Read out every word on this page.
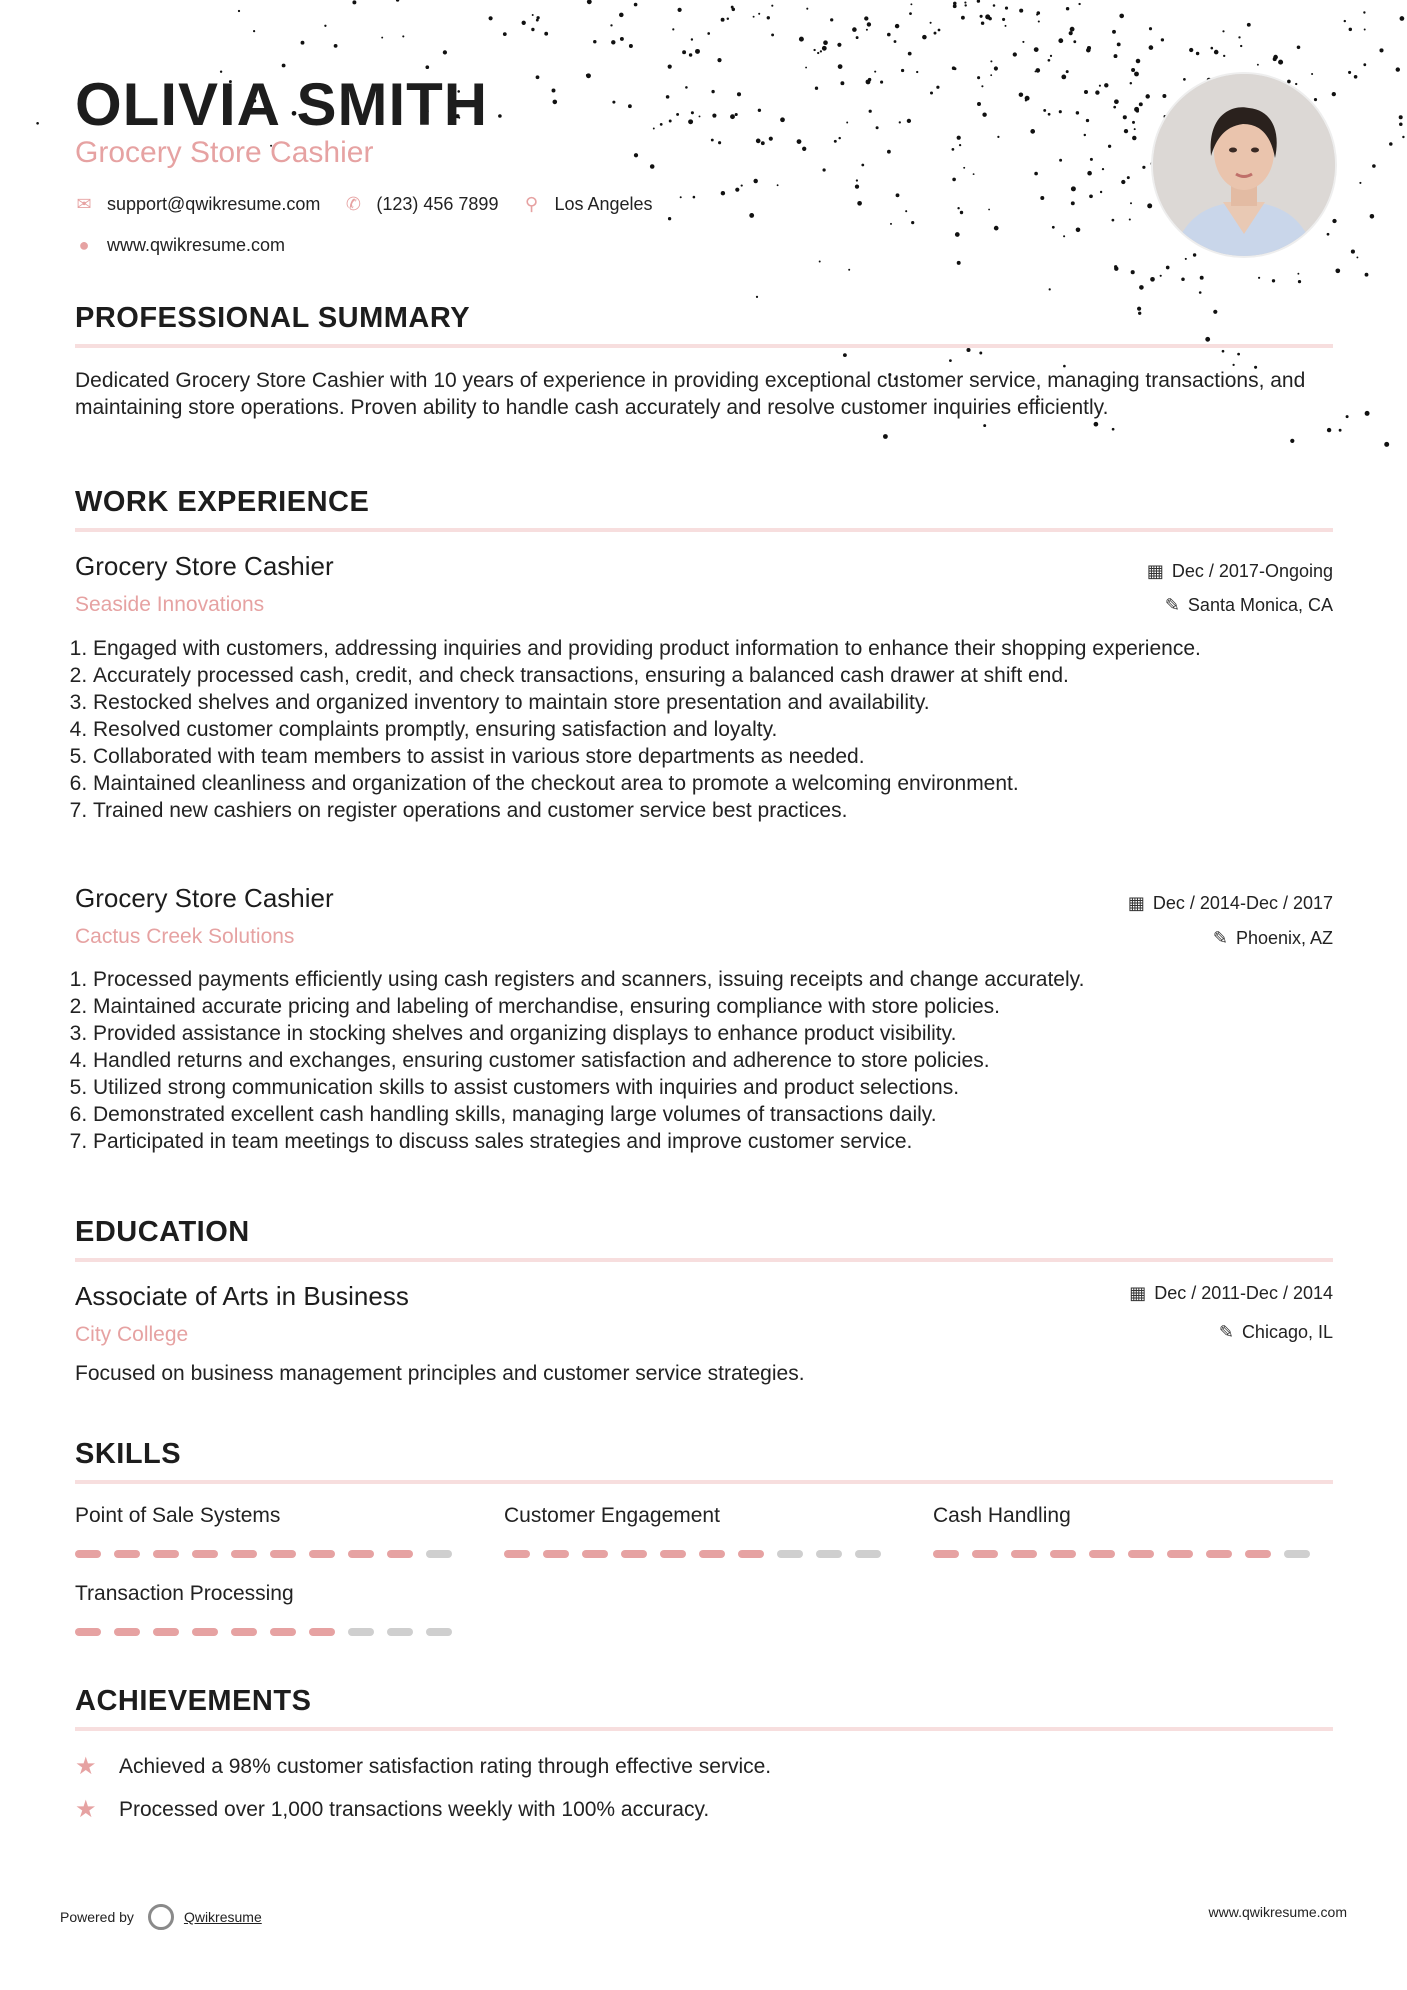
OLIVIA SMITH
Grocery Store Cashier
✉ support@qwikresume.com ✆ (123) 456 7899 ⚲ Los Angeles
● www.qwikresume.com
PROFESSIONAL SUMMARY

Dedicated Grocery Store Cashier with 10 years of experience in providing exceptional customer service, managing transactions, and maintaining store operations. Proven ability to handle cash accurately and resolve customer inquiries efficiently.

WORK EXPERIENCE
Grocery Store Cashier	▦ Dec / 2017-Ongoing
Seaside Innovations	✎ Santa Monica, CA
1. Engaged with customers, addressing inquiries and providing product information to enhance their shopping experience.
2. Accurately processed cash, credit, and check transactions, ensuring a balanced cash drawer at shift end.
3. Restocked shelves and organized inventory to maintain store presentation and availability.
4. Resolved customer complaints promptly, ensuring satisfaction and loyalty.
5. Collaborated with team members to assist in various store departments as needed.
6. Maintained cleanliness and organization of the checkout area to promote a welcoming environment.
7. Trained new cashiers on register operations and customer service best practices.
Grocery Store Cashier	▦ Dec / 2014-Dec / 2017
Cactus Creek Solutions	✎ Phoenix, AZ
1. Processed payments efficiently using cash registers and scanners, issuing receipts and change accurately.
2. Maintained accurate pricing and labeling of merchandise, ensuring compliance with store policies.
3. Provided assistance in stocking shelves and organizing displays to enhance product visibility.
4. Handled returns and exchanges, ensuring customer satisfaction and adherence to store policies.
5. Utilized strong communication skills to assist customers with inquiries and product selections.
6. Demonstrated excellent cash handling skills, managing large volumes of transactions daily.
7. Participated in team meetings to discuss sales strategies and improve customer service.
EDUCATION
Associate of Arts in Business	▦ Dec / 2011-Dec / 2014
City College	✎ Chicago, IL

Focused on business management principles and customer service strategies.

SKILLS
Point of Sale Systems	Customer Engagement	Cash Handling
Transaction Processing
ACHIEVEMENTS
★	Achieved a 98% customer satisfaction rating through effective service.
★	Processed over 1,000 transactions weekly with 100% accuracy.
Powered by	Qwikresume	www.qwikresume.com
